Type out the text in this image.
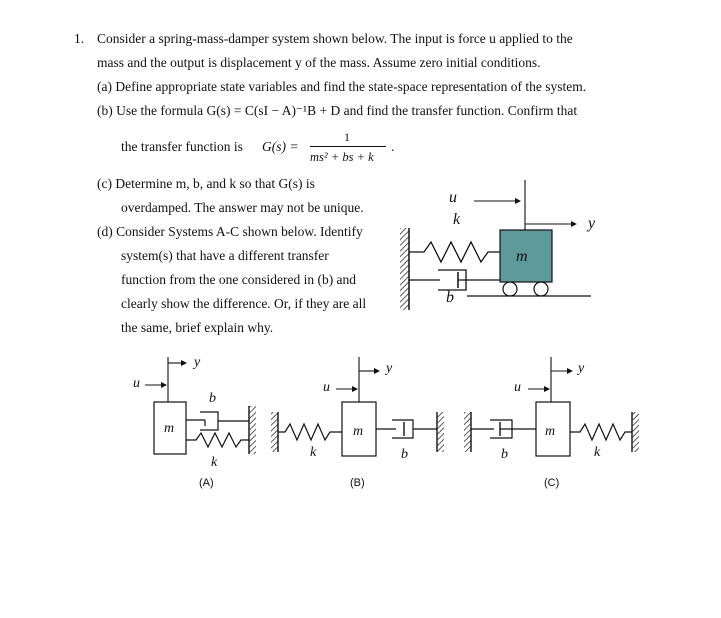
1. Consider a spring-mass-damper system shown below. The input is force u applied to the
mass and the output is displacement y of the mass. Assume zero initial conditions.
(a) Define appropriate state variables and find the state-space representation of the system.
(b) Use the formula G(s) = C(sI − A)⁻¹B + D and find the transfer function. Confirm that
the transfer function is G(s) =
1
ms² + bs + k
.
(c) Determine m, b, and k so that G(s) is
overdamped. The answer may not be unique.
(d) Consider Systems A-C shown below. Identify
system(s) that have a different transfer
function from the one considered in (b) and
clearly show the difference. Or, if they are all
the same, brief explain why.
u
k	y
m
b
y
u
b
m
k
(A)
y
u
m
k	b
(B)
y
u
m
b	k
(C)
